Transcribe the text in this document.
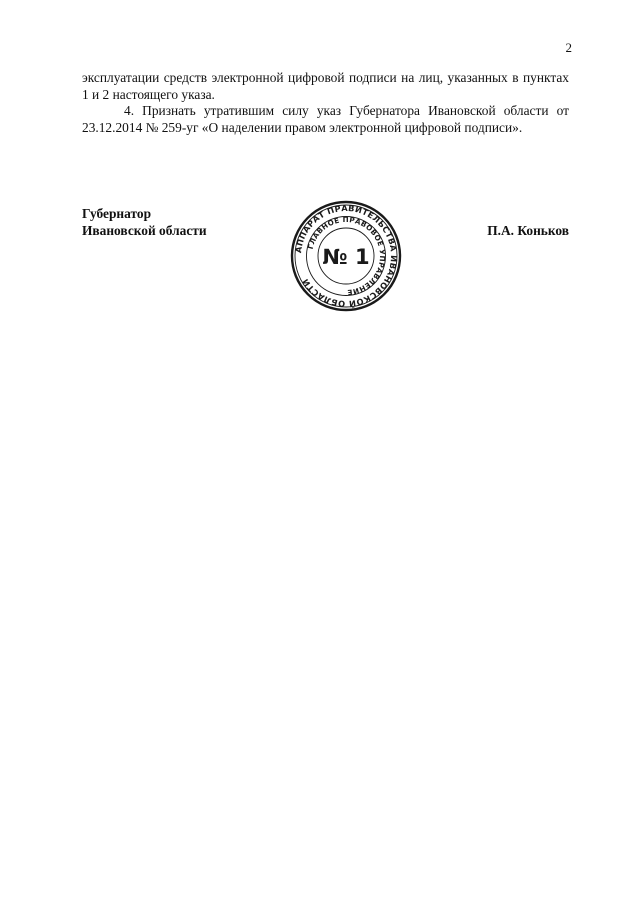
2

эксплуатации средств электронной цифровой подписи на лиц, указанных в пунктах 1 и 2 настоящего указа.

4. Признать утратившим силу указ Губернатора Ивановской области от 23.12.2014 № 259-уг «О наделении правом электронной цифровой подписи».

Губернатор
Ивановской области
АППАРАТ ПРАВИТЕЛЬСТВА ИВАНОВСКОЙ ОБЛАСТИ
ГЛАВНОЕ ПРАВОВОЕ УПРАВЛЕНИЕ
№ 1
П.А. Коньков
